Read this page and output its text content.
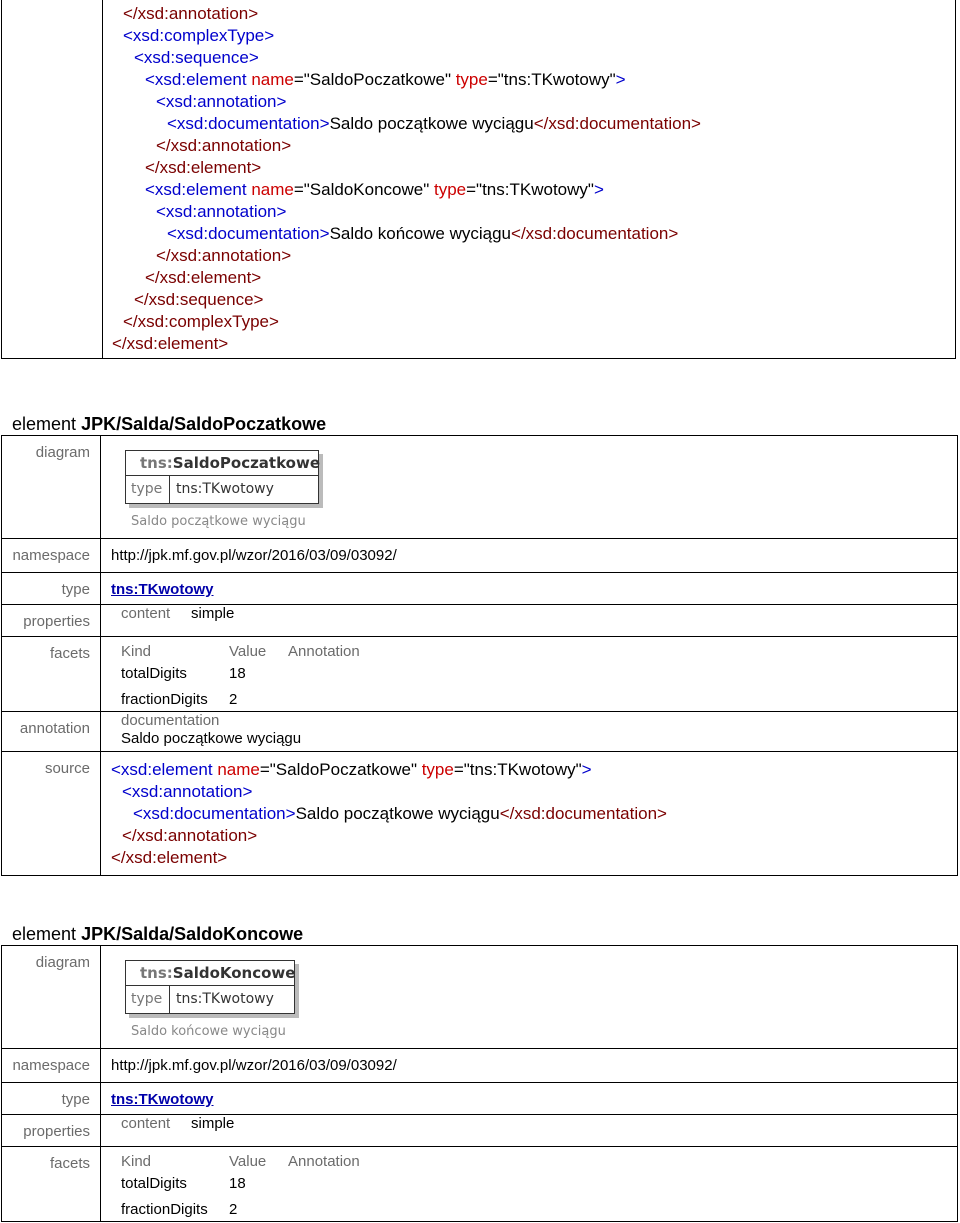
</xsd:annotation>
<xsd:complexType>
<xsd:sequence>
<xsd:element name="SaldoPoczatkowe" type="tns:TKwotowy">
<xsd:annotation>
<xsd:documentation>Saldo początkowe wyciągu</xsd:documentation>
</xsd:annotation>
</xsd:element>
<xsd:element name="SaldoKoncowe" type="tns:TKwotowy">
<xsd:annotation>
<xsd:documentation>Saldo końcowe wyciągu</xsd:documentation>
</xsd:annotation>
</xsd:element>
</xsd:sequence>
</xsd:complexType>
</xsd:element>
element JPK/Salda/SaldoPoczatkowe
diagram	tns:SaldoPoczatkowe
type tns:TKwotowy
Saldo początkowe wyciągu

namespace	http://jpk.mf.gov.pl/wzor/2016/03/09/03092/
type	tns:TKwotowy
properties	content simple
facets	Kind Value Annotation
totalDigits 18
fractionDigits 2

annotation	documentation
Saldo początkowe wyciągu

source	<xsd:element name="SaldoPoczatkowe" type="tns:TKwotowy">
<xsd:annotation>
<xsd:documentation>Saldo początkowe wyciągu</xsd:documentation>
</xsd:annotation>
</xsd:element>
element JPK/Salda/SaldoKoncowe
diagram	tns:SaldoKoncowe
type tns:TKwotowy
Saldo końcowe wyciągu

namespace	http://jpk.mf.gov.pl/wzor/2016/03/09/03092/
type	tns:TKwotowy
properties	content simple
facets	Kind Value Annotation
totalDigits 18
fractionDigits 2
